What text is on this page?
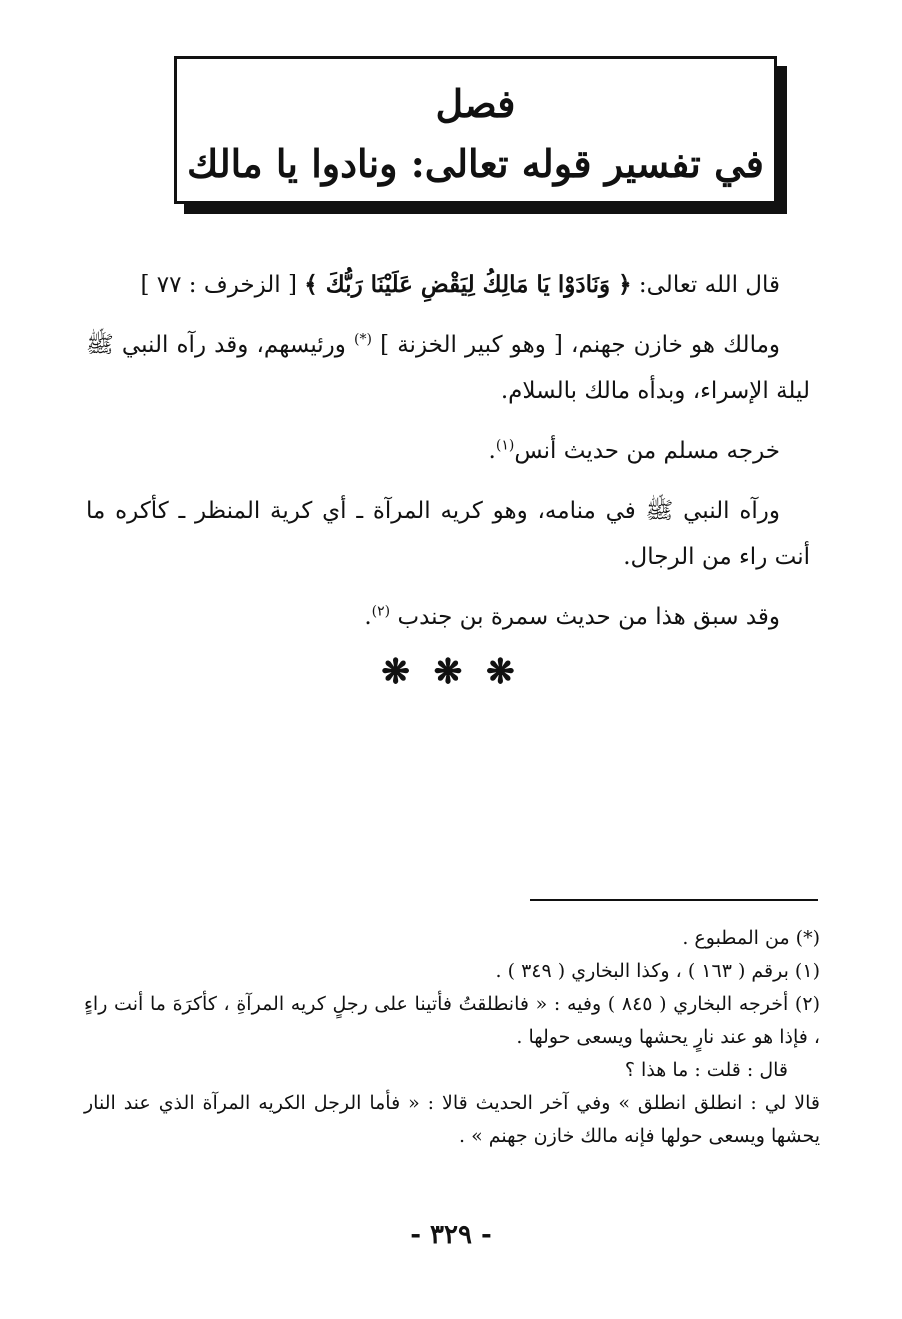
فصل
في تفسير قوله تعالى: ونادوا يا مالك

قال الله تعالى: ﴿ وَنَادَوْا يَا مَالِكُ لِيَقْضِ عَلَيْنَا رَبُّكَ ﴾ [ الزخرف : ٧٧ ]

ومالك هو خازن جهنم، [ وهو كبير الخزنة ] (*) ورئيسهم، وقد رآه النبي ﷺ ليلة الإسراء، وبدأه مالك بالسلام.

خرجه مسلم من حديث أنس$^{(١)}$.

ورآه النبي ﷺ في منامه، وهو كريه المرآة ـ أي كرية المنظر ـ كأكره ما أنت راء من الرجال.

وقد سبق هذا من حديث سمرة بن جندب $^{(٢)}$.

❋ ❋ ❋

(*) من المطبوع .

(١) برقم ( ١٦٣ ) ، وكذا البخاري ( ٣٤٩ ) .

(٢) أخرجه البخاري ( ٨٤٥ ) وفيه : « فانطلقتُ فأتينا على رجلٍ كريه المرآةِ ، كأكرَهَ ما أنت راءٍ ، فإذا هو عند نارٍ يحشها ويسعى حولها .

قال : قلت : ما هذا ؟

قالا لي : انطلق انطلق » وفي آخر الحديث قالا : « فأما الرجل الكريه المرآة الذي عند النار يحشها ويسعى حولها فإنه مالك خازن جهنم » .

- ٣٢٩ -
